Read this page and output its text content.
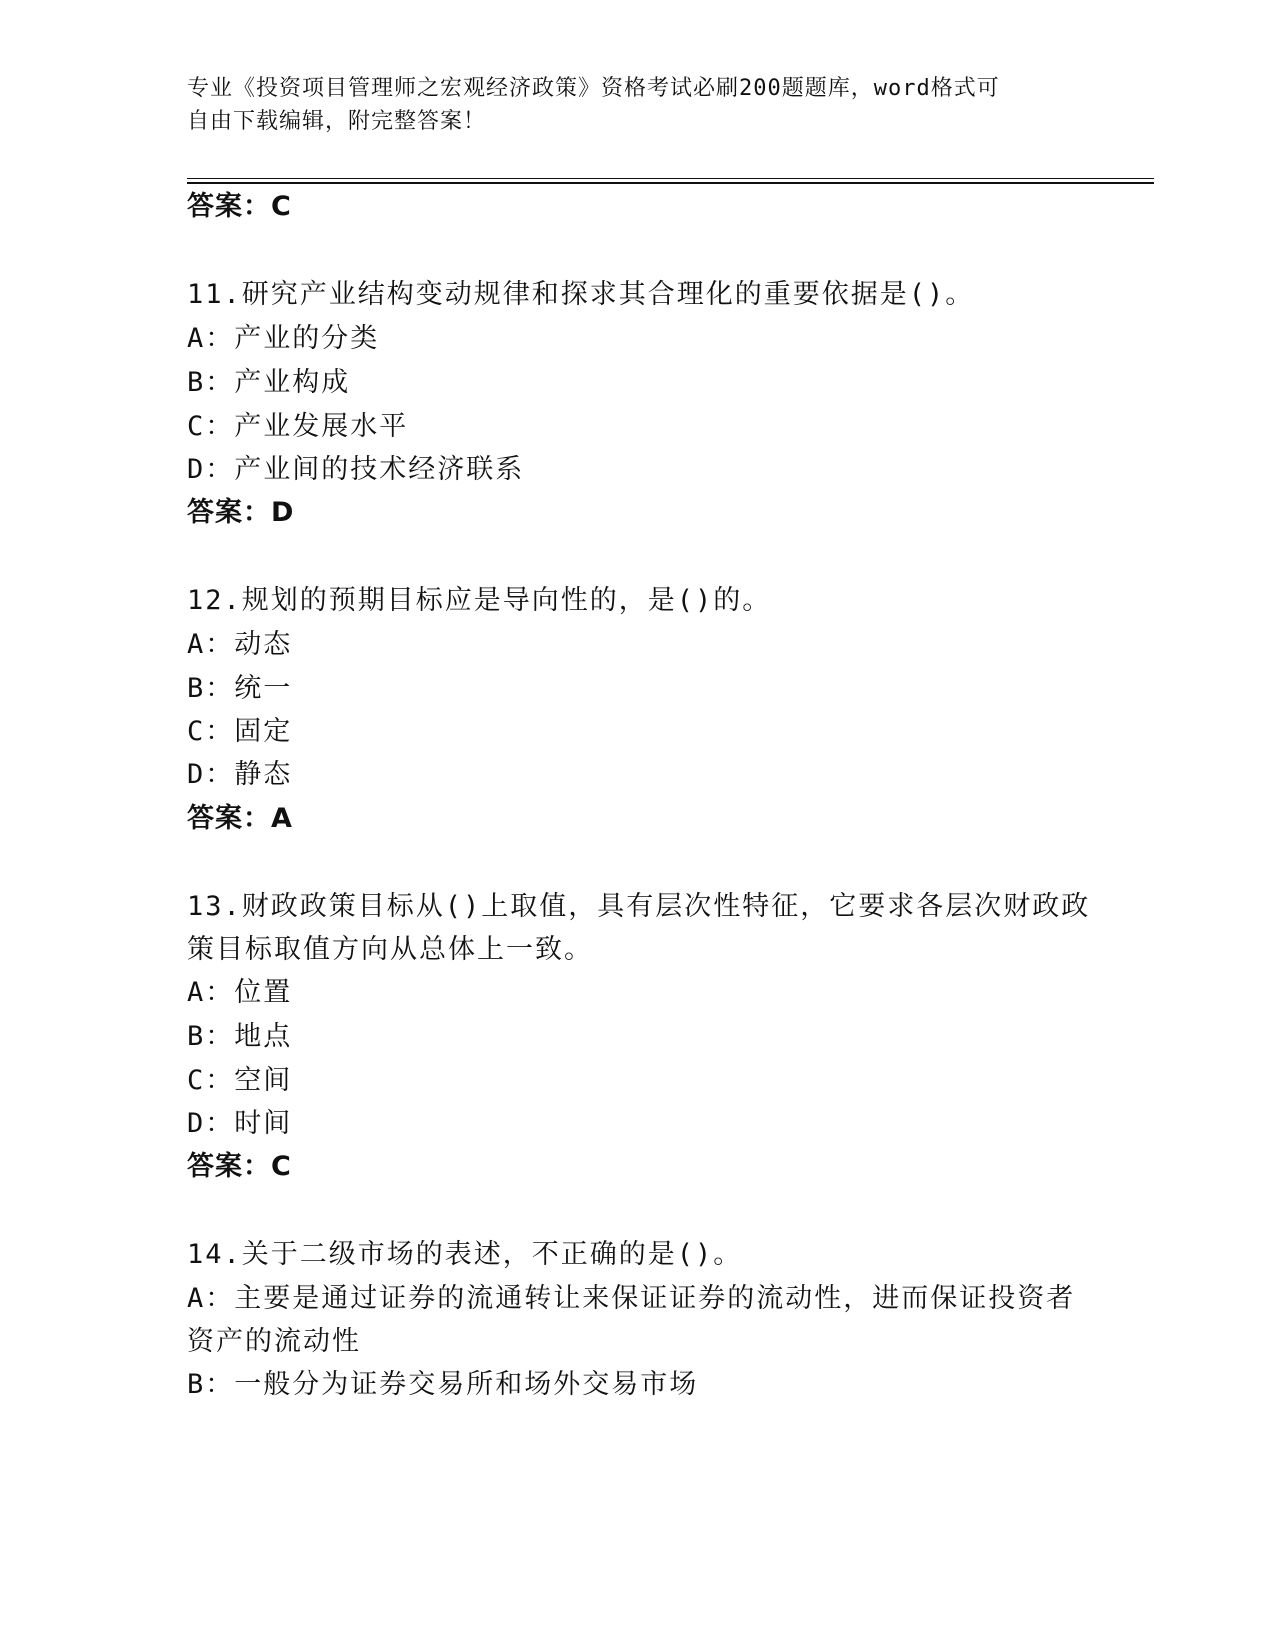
专业《投资项目管理师之宏观经济政策》资格考试必刷200题题库，word格式可
自由下载编辑，附完整答案！
答案：C
11.研究产业结构变动规律和探求其合理化的重要依据是()。
A：产业的分类
B：产业构成
C：产业发展水平
D：产业间的技术经济联系
答案：D
12.规划的预期目标应是导向性的，是()的。
A：动态
B：统一
C：固定
D：静态
答案：A
13.财政政策目标从()上取值，具有层次性特征，它要求各层次财政政
策目标取值方向从总体上一致。
A：位置
B：地点
C：空间
D：时间
答案：C
14.关于二级市场的表述，不正确的是()。
A：主要是通过证券的流通转让来保证证券的流动性，进而保证投资者
资产的流动性
B：一般分为证券交易所和场外交易市场
